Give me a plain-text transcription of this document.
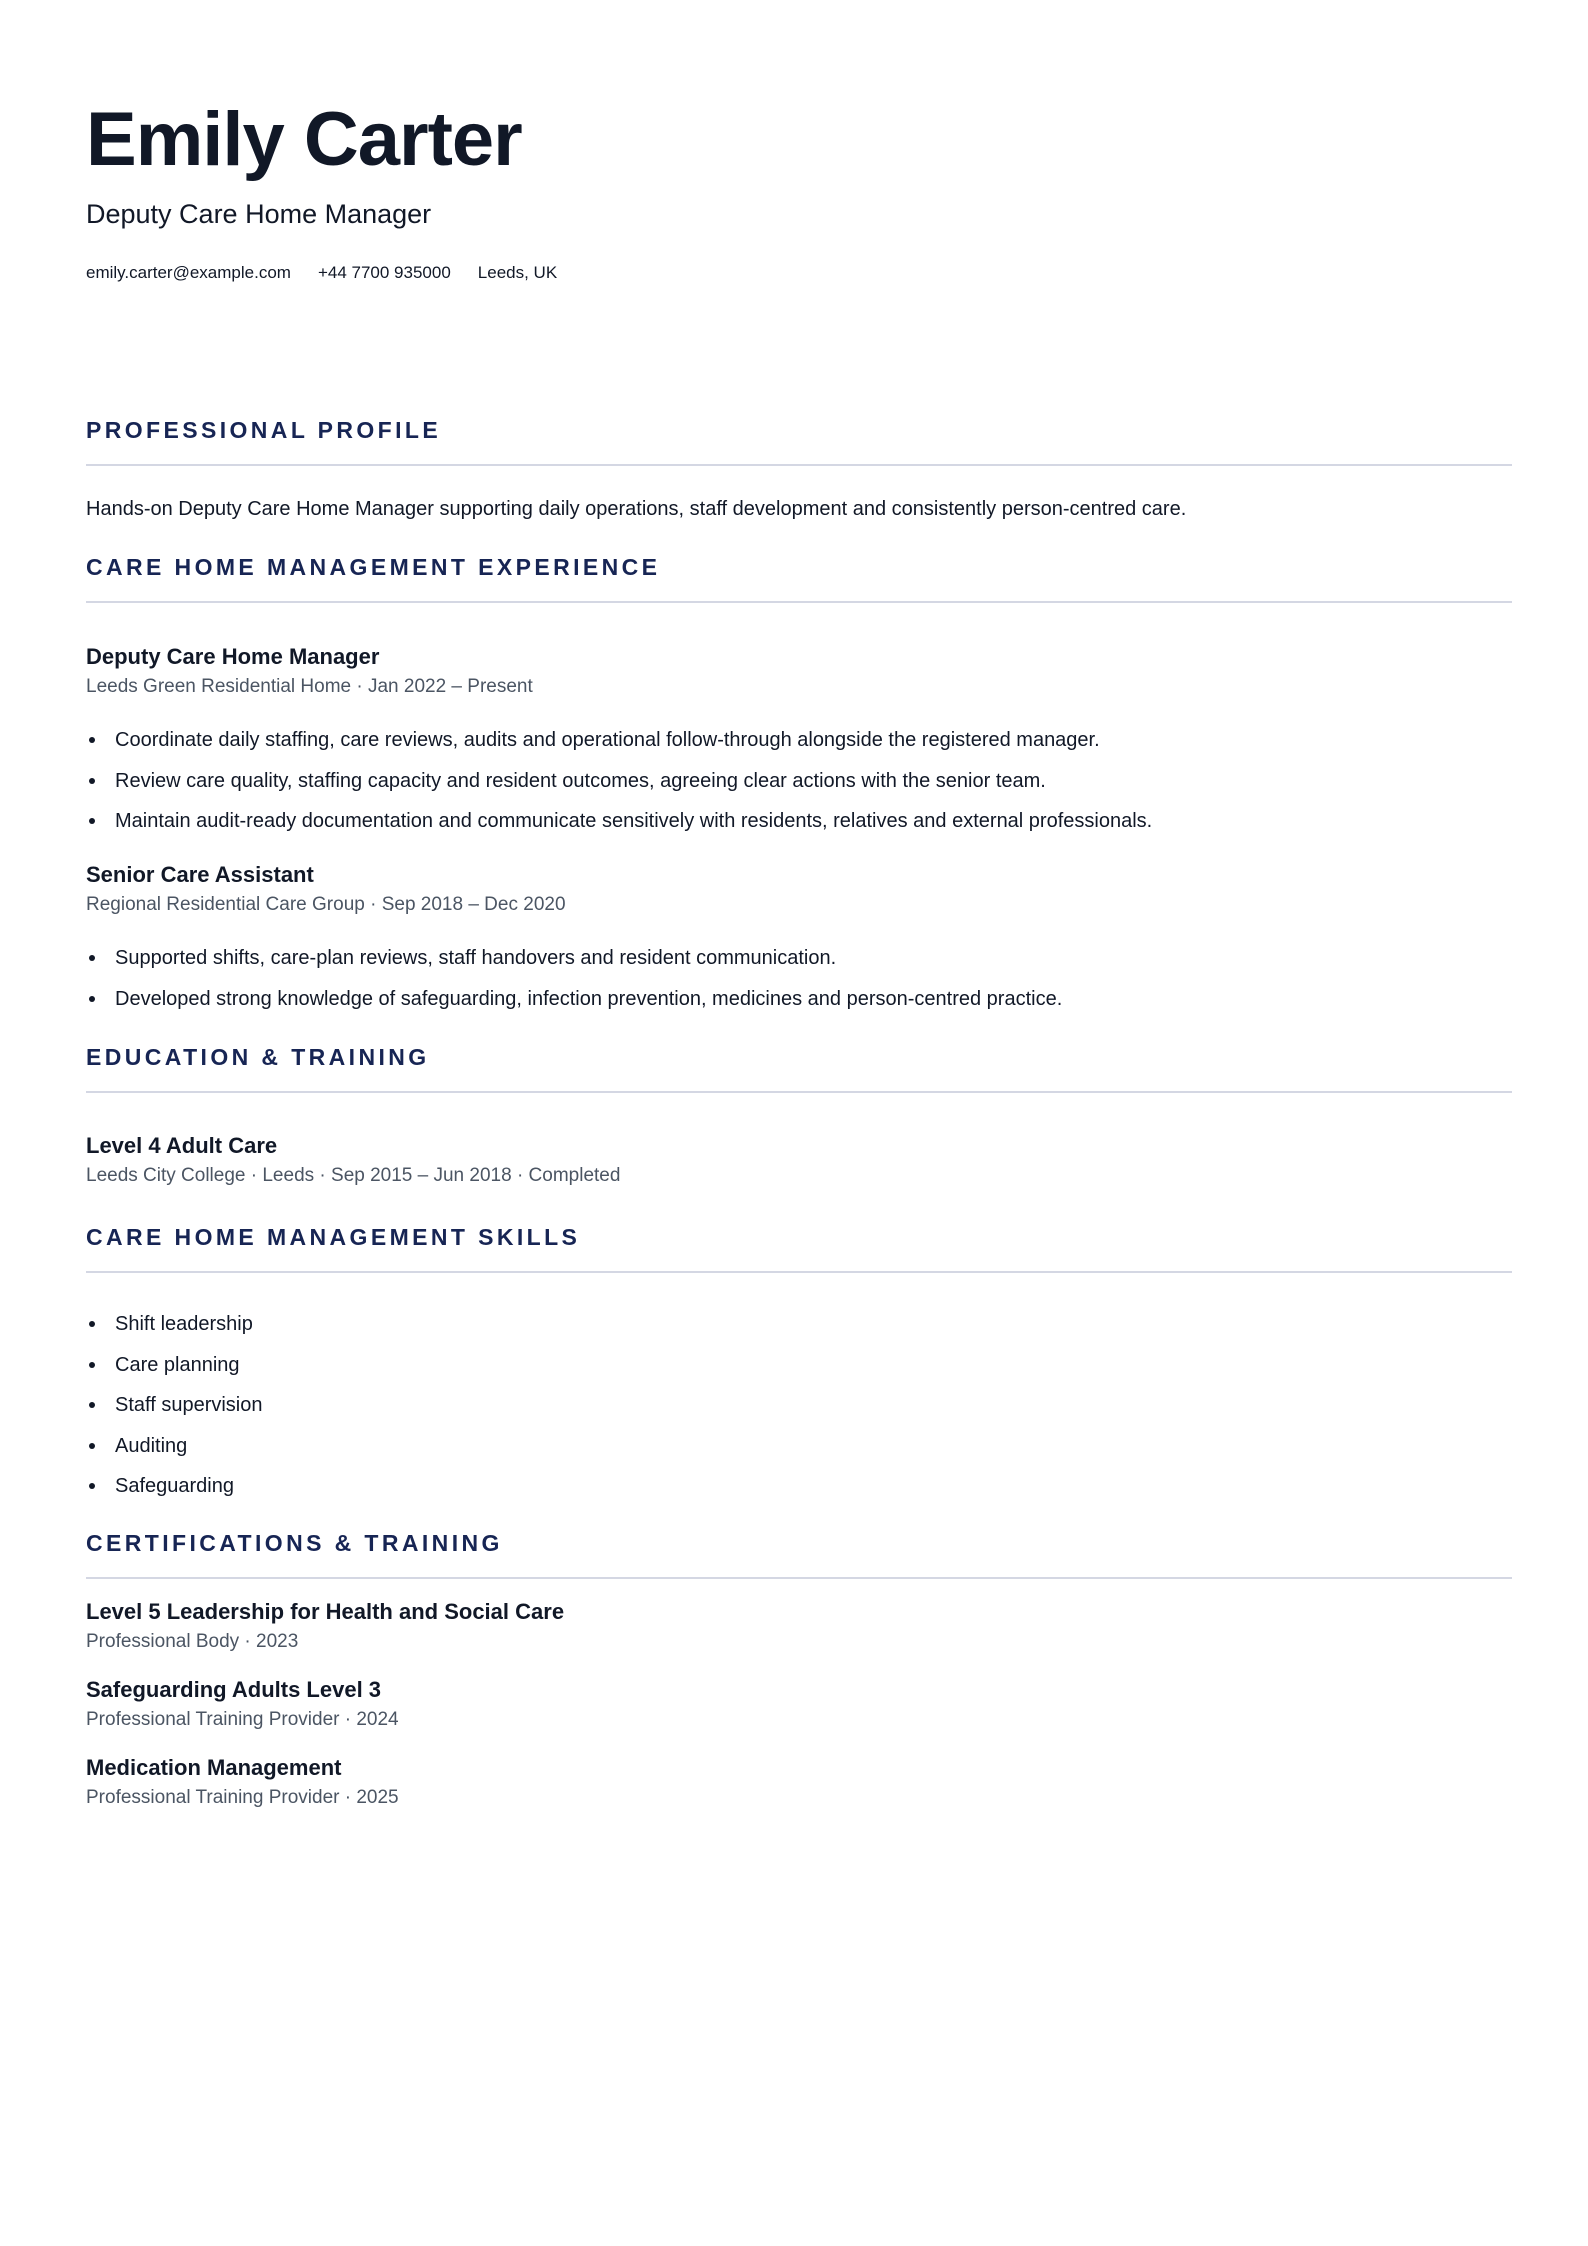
Emily Carter

Deputy Care Home Manager

emily.carter@example.com +44 7700 935000 Leeds, UK
PROFESSIONAL PROFILE

Hands-on Deputy Care Home Manager supporting daily operations, staff development and consistently person-centred care.

CARE HOME MANAGEMENT EXPERIENCE
Deputy Care Home Manager

Leeds Green Residential Home · Jan 2022 – Present

Coordinate daily staffing, care reviews, audits and operational follow-through alongside the registered manager.
Review care quality, staffing capacity and resident outcomes, agreeing clear actions with the senior team.
Maintain audit-ready documentation and communicate sensitively with residents, relatives and external professionals.
Senior Care Assistant

Regional Residential Care Group · Sep 2018 – Dec 2020

Supported shifts, care-plan reviews, staff handovers and resident communication.
Developed strong knowledge of safeguarding, infection prevention, medicines and person-centred practice.
EDUCATION & TRAINING
Level 4 Adult Care

Leeds City College · Leeds · Sep 2015 – Jun 2018 · Completed

CARE HOME MANAGEMENT SKILLS
Shift leadership
Care planning
Staff supervision
Auditing
Safeguarding
CERTIFICATIONS & TRAINING
Level 5 Leadership for Health and Social Care

Professional Body · 2023

Safeguarding Adults Level 3

Professional Training Provider · 2024

Medication Management

Professional Training Provider · 2025
